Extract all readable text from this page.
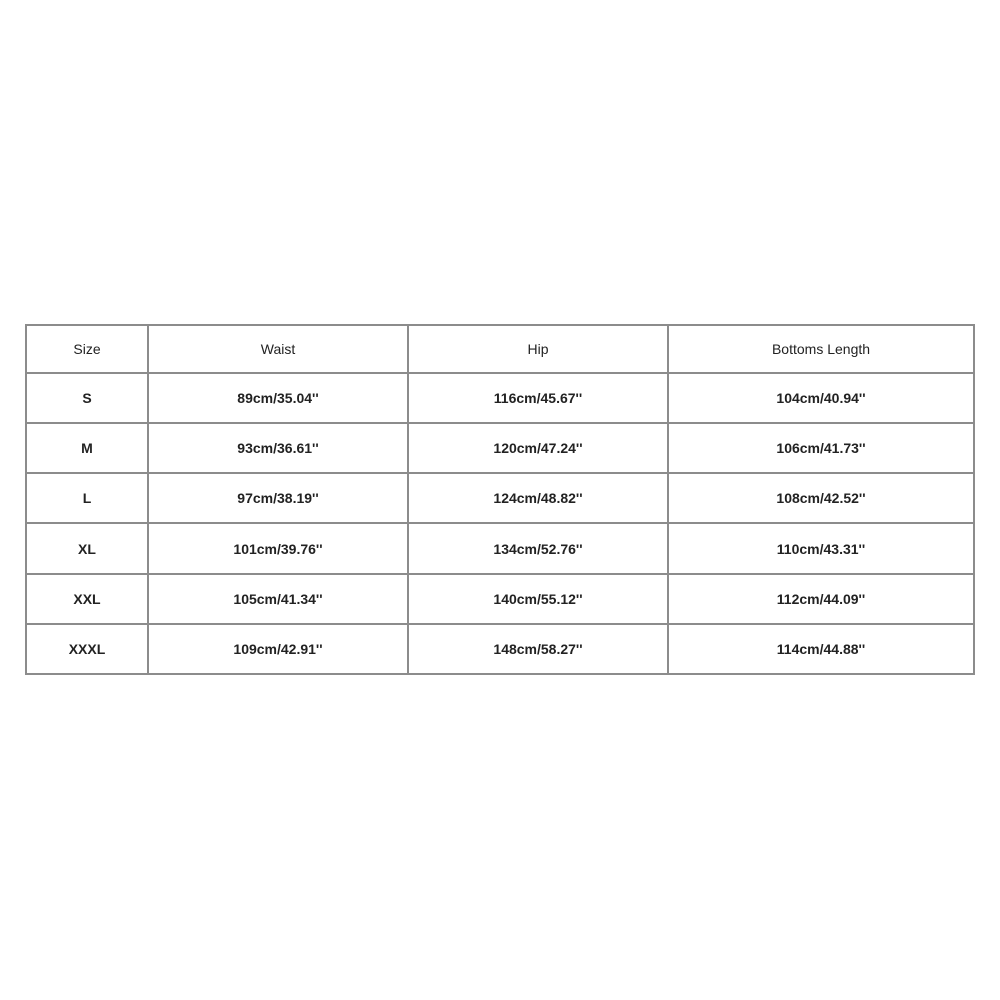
Size	Waist	Hip	Bottoms Length
S	89cm/35.04''	116cm/45.67''	104cm/40.94''
M	93cm/36.61''	120cm/47.24''	106cm/41.73''
L	97cm/38.19''	124cm/48.82''	108cm/42.52''
XL	101cm/39.76''	134cm/52.76''	110cm/43.31''
XXL	105cm/41.34''	140cm/55.12''	112cm/44.09''
XXXL	109cm/42.91''	148cm/58.27''	114cm/44.88''
